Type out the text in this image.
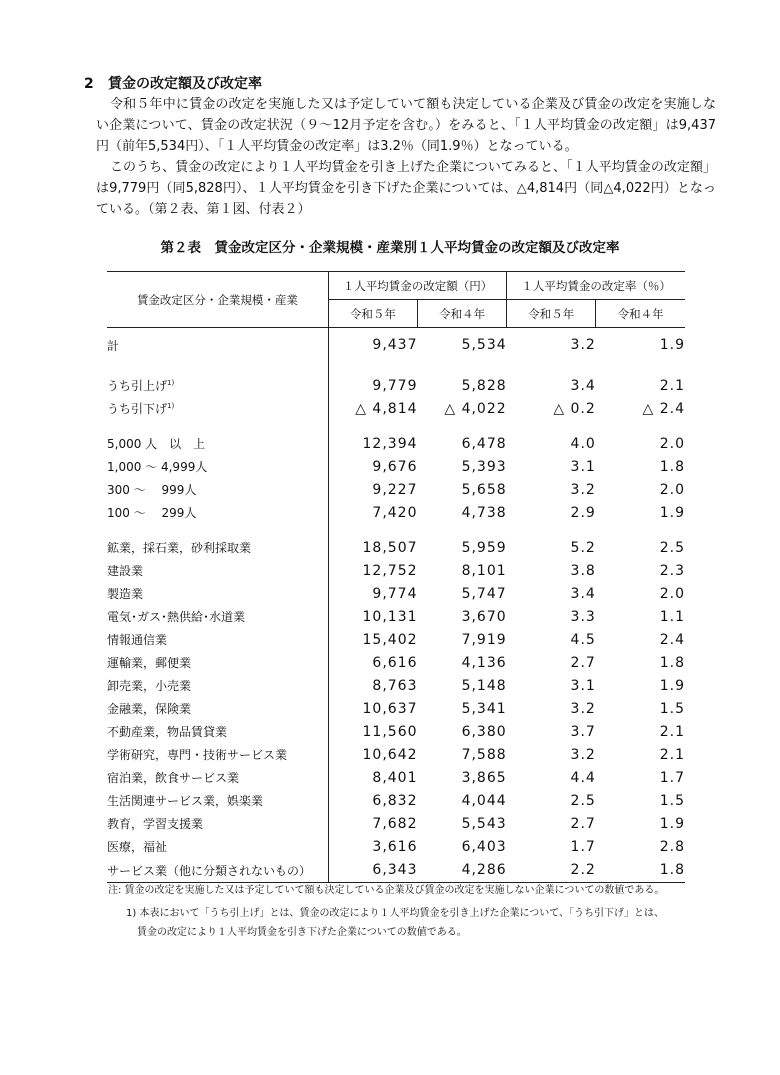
2 賃金の改定額及び改定率

令和５年中に賃金の改定を実施した又は予定していて額も決定している企業及び賃金の改定を実施しない企業について、賃金の改定状況（９～12月予定を含む。）をみると、「１人平均賃金の改定額」は9,437円（前年5,534円）、「１人平均賃金の改定率」は3.2％（同1.9％）となっている。

このうち、賃金の改定により１人平均賃金を引き上げた企業についてみると、「１人平均賃金の改定額」は9,779円（同5,828円）、１人平均賃金を引き下げた企業については、△4,814円（同△4,022円）となっている。（第２表、第１図、付表２）

第２表　賃金改定区分・企業規模・産業別１人平均賃金の改定額及び改定率
賃金改定区分・企業規模・産業	１人平均賃金の改定額（円）		１人平均賃金の改定率（％）	
	令和５年	令和４年	令和５年	令和４年
計	9,437	5,534	3.2	1.9

うち引上げ$^{1)}$	9,779	5,828	3.4	2.1
うち引下げ$^{1)}$	△ 4,814	△ 4,022	△ 0.2	△ 2.4

5,000 人　以　上	12,394	6,478	4.0	2.0
1,000 ～ 4,999人	9,676	5,393	3.1	1.8
300 ～　 999人	9,227	5,658	3.2	2.0
100 ～　 299人	7,420	4,738	2.9	1.9

鉱業，採石業，砂利採取業	18,507	5,959	5.2	2.5
建設業	12,752	8,101	3.8	2.3
製造業	9,774	5,747	3.4	2.0
電気･ガス･熱供給･水道業	10,131	3,670	3.3	1.1
情報通信業	15,402	7,919	4.5	2.4
運輸業，郵便業	6,616	4,136	2.7	1.8
卸売業，小売業	8,763	5,148	3.1	1.9
金融業，保険業	10,637	5,341	3.2	1.5
不動産業，物品賃貸業	11,560	6,380	3.7	2.1
学術研究，専門・技術サービス業	10,642	7,588	3.2	2.1
宿泊業，飲食サービス業	8,401	3,865	4.4	1.7
生活関連サービス業，娯楽業	6,832	4,044	2.5	1.5
教育，学習支援業	7,682	5,543	2.7	1.9
医療，福祉	3,616	6,403	1.7	2.8
サービス業（他に分類されないもの）	6,343	4,286	2.2	1.8
注: 賃金の改定を実施した又は予定していて額も決定している企業及び賃金の改定を実施しない企業についての数値である。
1) 本表において「うち引上げ」とは、賃金の改定により１人平均賃金を引き上げた企業について、「うち引下げ」とは、
賃金の改定により１人平均賃金を引き下げた企業についての数値である。
